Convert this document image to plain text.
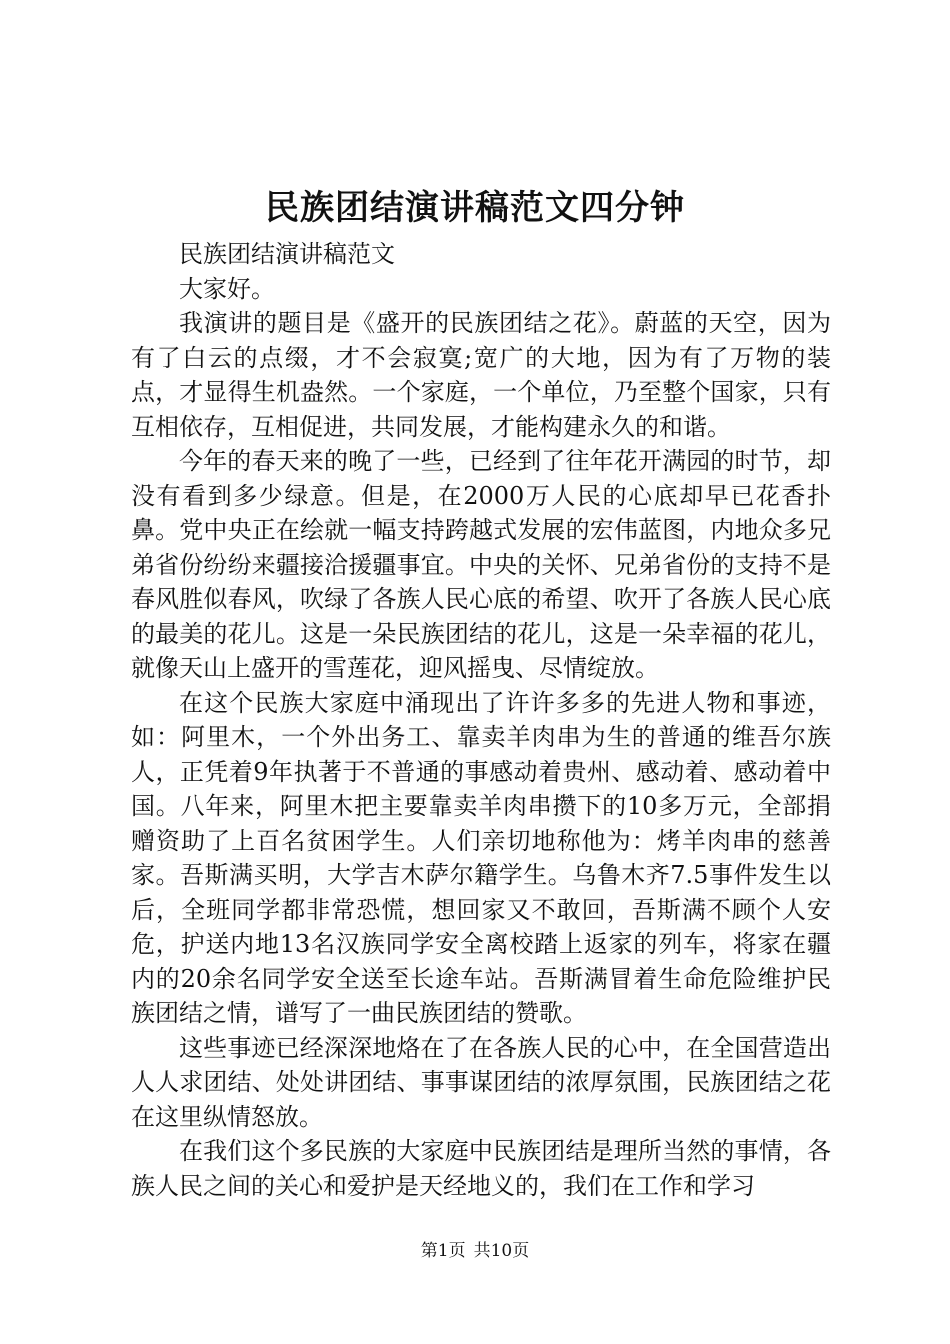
民族团结演讲稿范文四分钟

民族团结演讲稿范文

大家好。

我演讲的题目是《盛开的民族团结之花》。蔚蓝的天空，因为有了白云的点缀，才不会寂寞;宽广的大地，因为有了万物的装点，才显得生机盎然。一个家庭，一个单位，乃至整个国家，只有互相依存，互相促进，共同发展，才能构建永久的和谐。

今年的春天来的晚了一些，已经到了往年花开满园的时节，却没有看到多少绿意。但是，在2000万人民的心底却早已花香扑鼻。党中央正在绘就一幅支持跨越式发展的宏伟蓝图，内地众多兄弟省份纷纷来疆接洽援疆事宜。中央的关怀、兄弟省份的支持不是春风胜似春风，吹绿了各族人民心底的希望、吹开了各族人民心底的最美的花儿。这是一朵民族团结的花儿，这是一朵幸福的花儿，就像天山上盛开的雪莲花，迎风摇曳、尽情绽放。

在这个民族大家庭中涌现出了许许多多的先进人物和事迹，如：阿里木，一个外出务工、靠卖羊肉串为生的普通的维吾尔族人，正凭着9年执著于不普通的事感动着贵州、感动着、感动着中国。八年来，阿里木把主要靠卖羊肉串攒下的10多万元，全部捐赠资助了上百名贫困学生。人们亲切地称他为：烤羊肉串的慈善家。吾斯满买明，大学吉木萨尔籍学生。乌鲁木齐7.5事件发生以后，全班同学都非常恐慌，想回家又不敢回，吾斯满不顾个人安危，护送内地13名汉族同学安全离校踏上返家的列车，将家在疆内的20余名同学安全送至长途车站。吾斯满冒着生命危险维护民族团结之情，谱写了一曲民族团结的赞歌。

这些事迹已经深深地烙在了在各族人民的心中，在全国营造出人人求团结、处处讲团结、事事谋团结的浓厚氛围，民族团结之花在这里纵情怒放。

在我们这个多民族的大家庭中民族团结是理所当然的事情，各族人民之间的关心和爱护是天经地义的，我们在工作和学习

第1页 共10页
